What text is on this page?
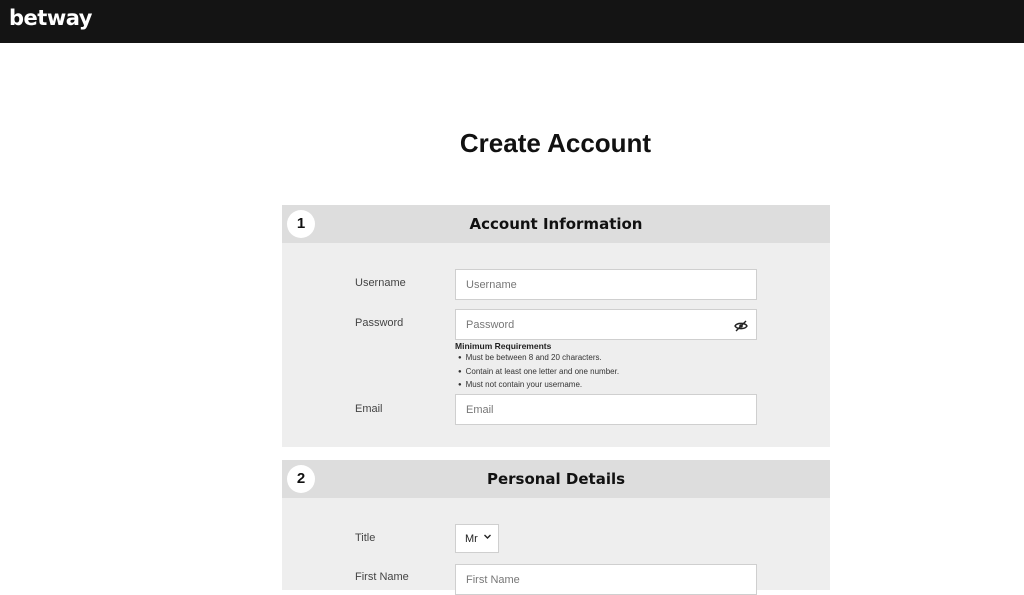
betway
Create Account
Account Information
1
Username
Username
Password
Minimum Requirements
● Must be between 8 and 20 characters.
● Contain at least one letter and one number.
● Must not contain your username.
Email
Email
Personal Details
2
Title	Mr
First Name
First Name
